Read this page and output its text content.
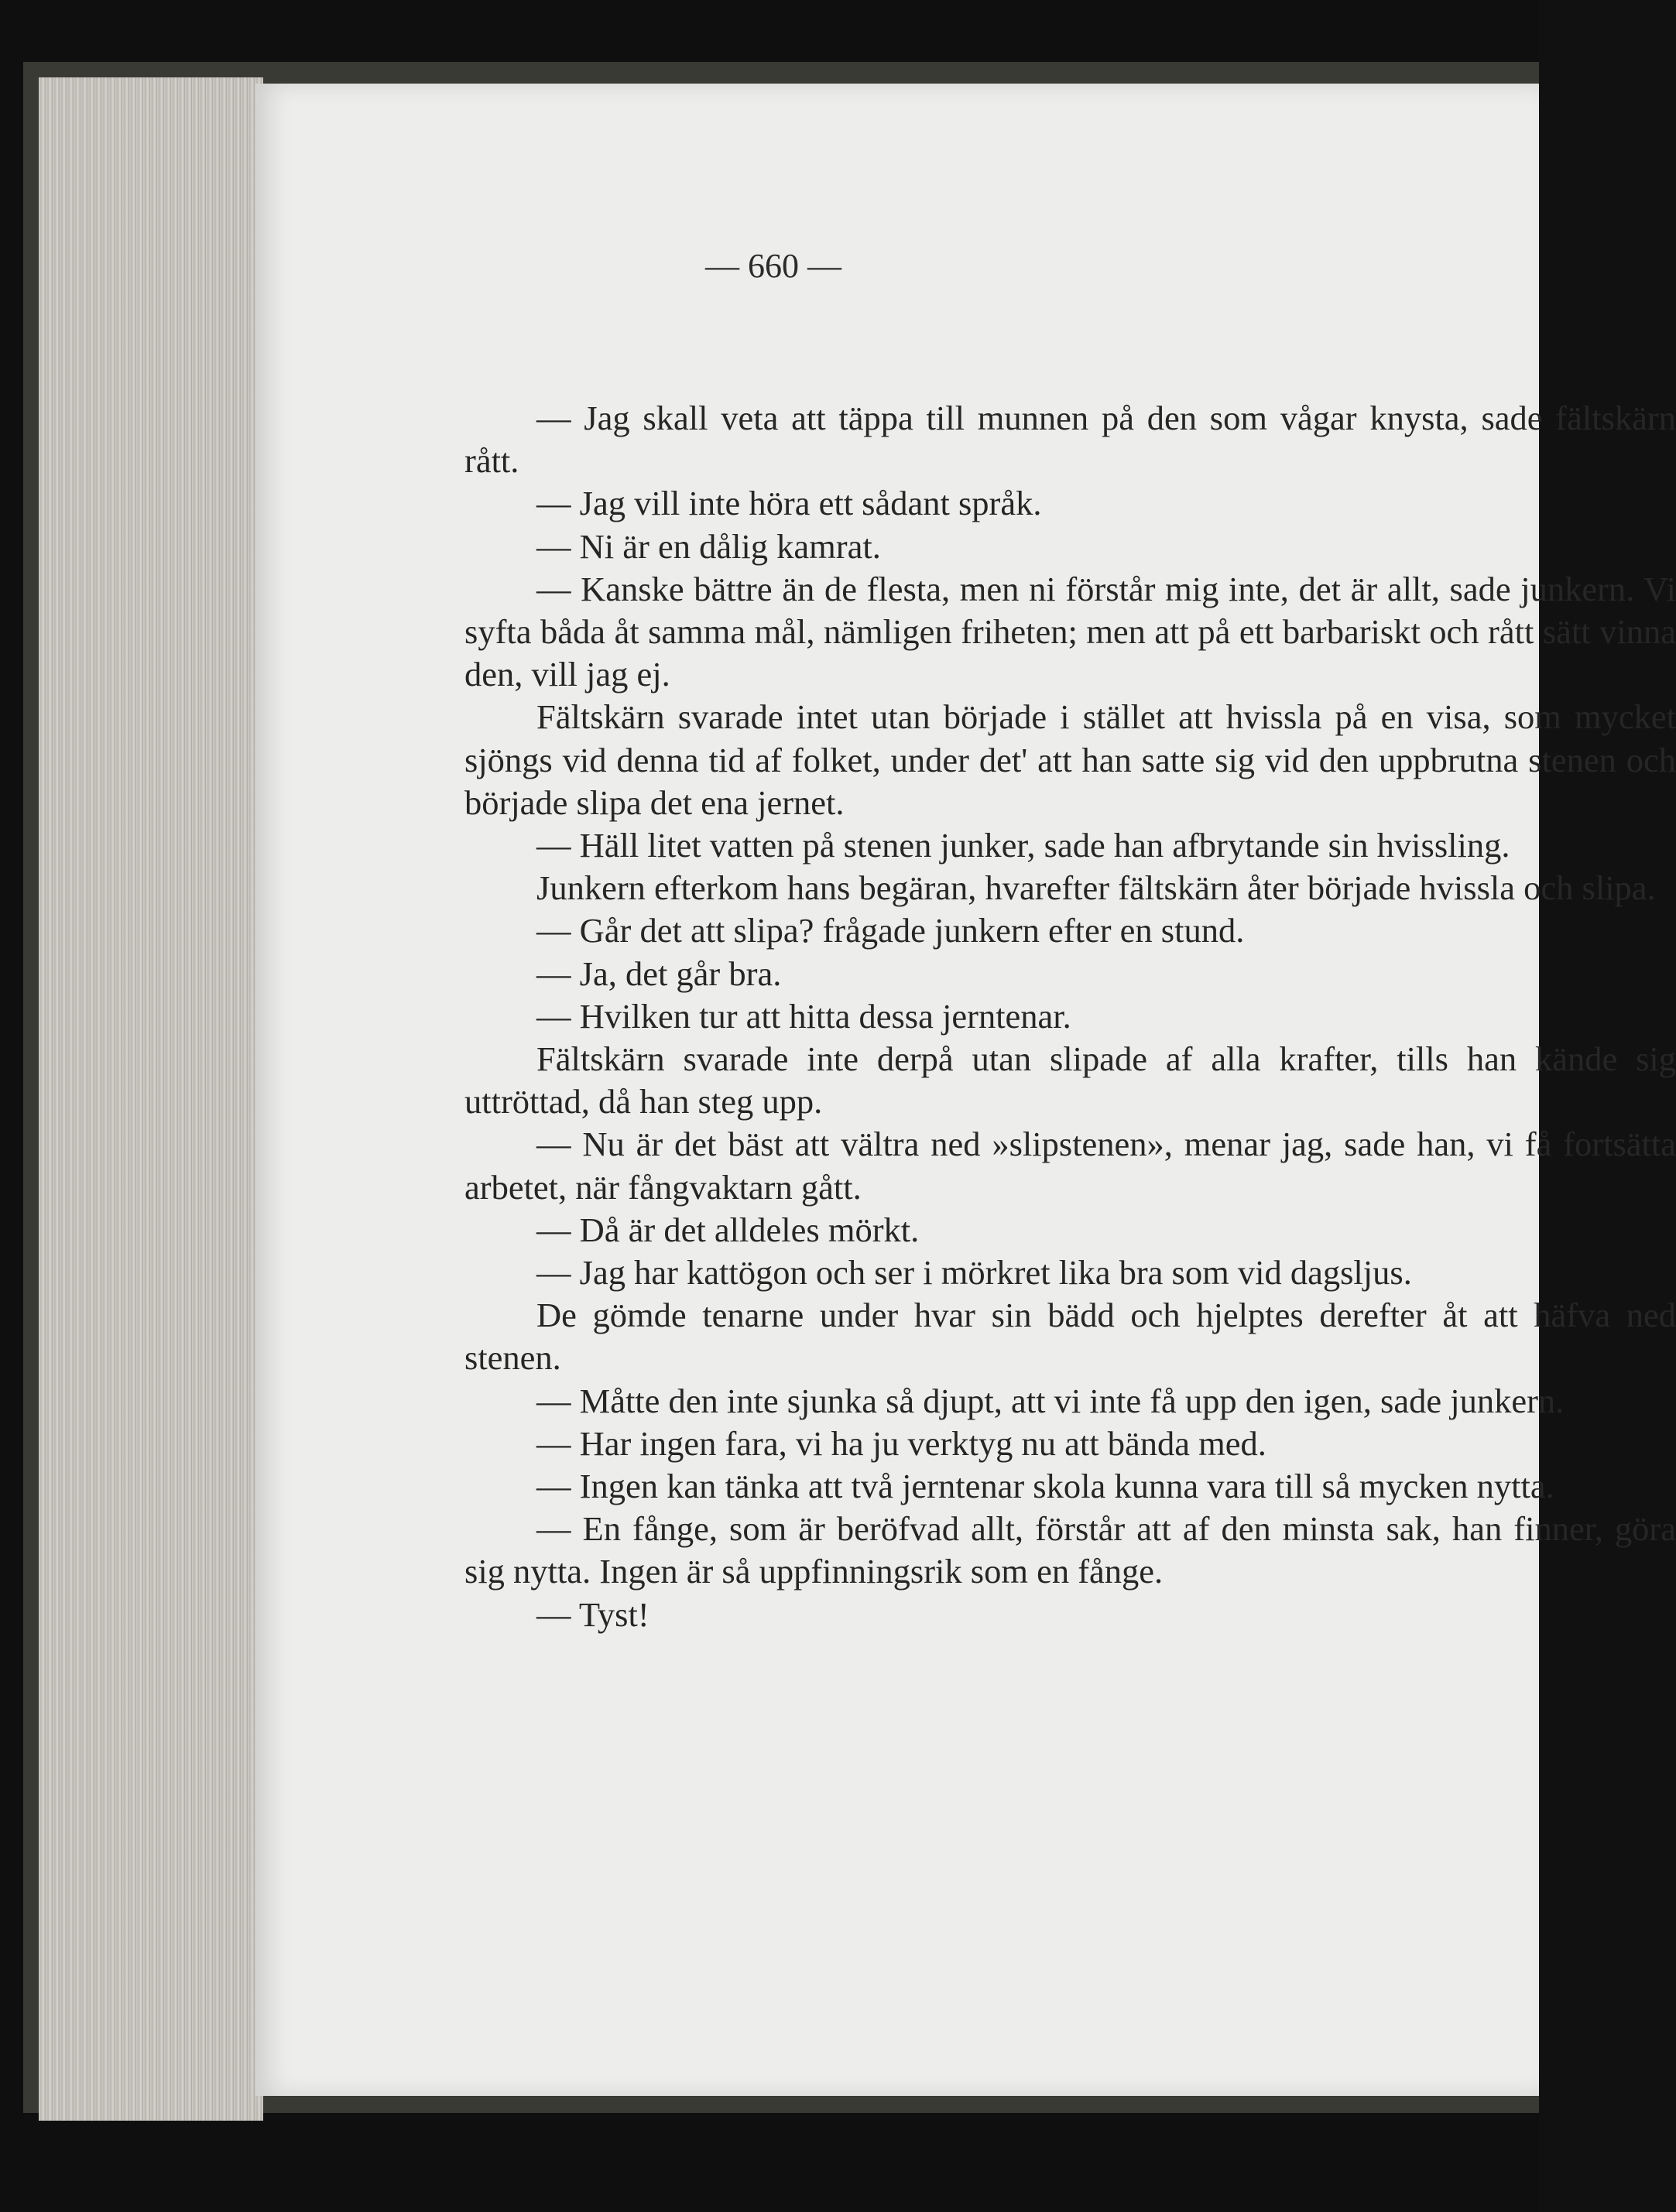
— 660 —

— Jag skall veta att täppa till munnen på den som vågar knysta, sade fältskärn rått.

— Jag vill inte höra ett sådant språk.

— Ni är en dålig kamrat.

— Kanske bättre än de flesta, men ni förstår mig inte, det är allt, sade junkern. Vi syfta båda åt samma mål, nämligen friheten; men att på ett barbariskt och rått sätt vinna den, vill jag ej.

Fältskärn svarade intet utan började i stället att hvissla på en visa, som mycket sjöngs vid denna tid af folket, under det' att han satte sig vid den uppbrutna stenen och började slipa det ena jernet.

— Häll litet vatten på stenen junker, sade han afbrytande sin hvissling.

Junkern efterkom hans begäran, hvarefter fältskärn åter började hvissla och slipa.

— Går det att slipa? frågade junkern efter en stund.

— Ja, det går bra.

— Hvilken tur att hitta dessa jerntenar.

Fältskärn svarade inte derpå utan slipade af alla krafter, tills han kände sig uttröttad, då han steg upp.

— Nu är det bäst att vältra ned »slipstenen», menar jag, sade han, vi få fortsätta arbetet, när fångvaktarn gått.

— Då är det alldeles mörkt.

— Jag har kattögon och ser i mörkret lika bra som vid dagsljus.

De gömde tenarne under hvar sin bädd och hjelptes derefter åt att häfva ned stenen.

— Måtte den inte sjunka så djupt, att vi inte få upp den igen, sade junkern.

— Har ingen fara, vi ha ju verktyg nu att bända med.

— Ingen kan tänka att två jerntenar skola kunna vara till så mycken nytta.

— En fånge, som är beröfvad allt, förstår att af den minsta sak, han finner, göra sig nytta. Ingen är så uppfinningsrik som en fånge.

— Tyst!
